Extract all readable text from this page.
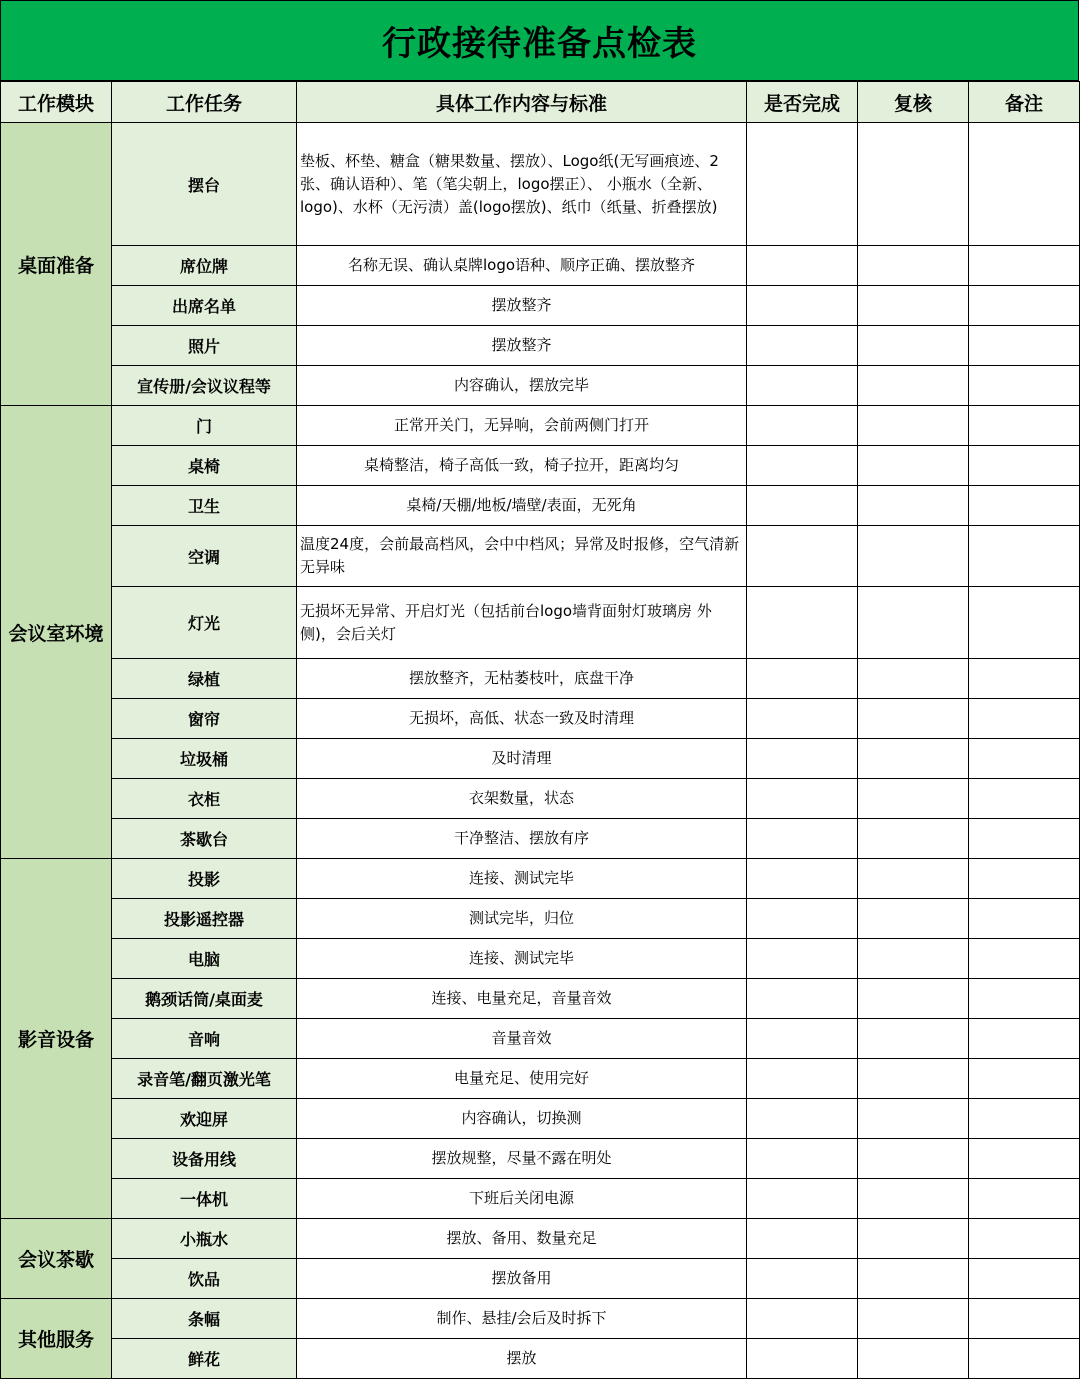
行政接待准备点检表
工作模块	工作任务	具体工作内容与标准	是否完成	复核	备注
桌面准备	摆台	垫板、杯垫、糖盒（糖果数量、摆放）、Logo纸(无写画痕迹、2张、确认语种）、笔（笔尖朝上，logo摆正）、 小瓶水（全新、logo)、水杯（无污渍）盖(logo摆放)、纸巾（纸量、折叠摆放)			
	席位牌	名称无误、确认桌牌logo语种、顺序正确、摆放整齐			
	出席名单	摆放整齐			
	照片	摆放整齐			
	宣传册/会议议程等	内容确认，摆放完毕			
会议室环境	门	正常开关门，无异响，会前两侧门打开			
	桌椅	桌椅整洁，椅子高低一致，椅子拉开，距离均匀			
	卫生	桌椅/天棚/地板/墙壁/表面，无死角			
	空调	温度24度，会前最高档风，会中中档风；异常及时报修，空气清新无异味			
	灯光	无损坏无异常、开启灯光（包括前台logo墙背面射灯玻璃房 外侧)，会后关灯			
	绿植	摆放整齐，无枯萎枝叶，底盘干净			
	窗帘	无损坏，高低、状态一致及时清理			
	垃圾桶	及时清理			
	衣柜	衣架数量，状态			
	茶歇台	干净整洁、摆放有序			
影音设备	投影	连接、测试完毕			
	投影遥控器	测试完毕，归位			
	电脑	连接、测试完毕			
	鹅颈话筒/桌面麦	连接、电量充足，音量音效			
	音响	音量音效			
	录音笔/翻页激光笔	电量充足、使用完好			
	欢迎屏	内容确认，切换测			
	设备用线	摆放规整，尽量不露在明处			
	一体机	下班后关闭电源			
会议茶歇	小瓶水	摆放、备用、数量充足			
	饮品	摆放备用			
其他服务	条幅	制作、悬挂/会后及时拆下			
	鲜花	摆放			
